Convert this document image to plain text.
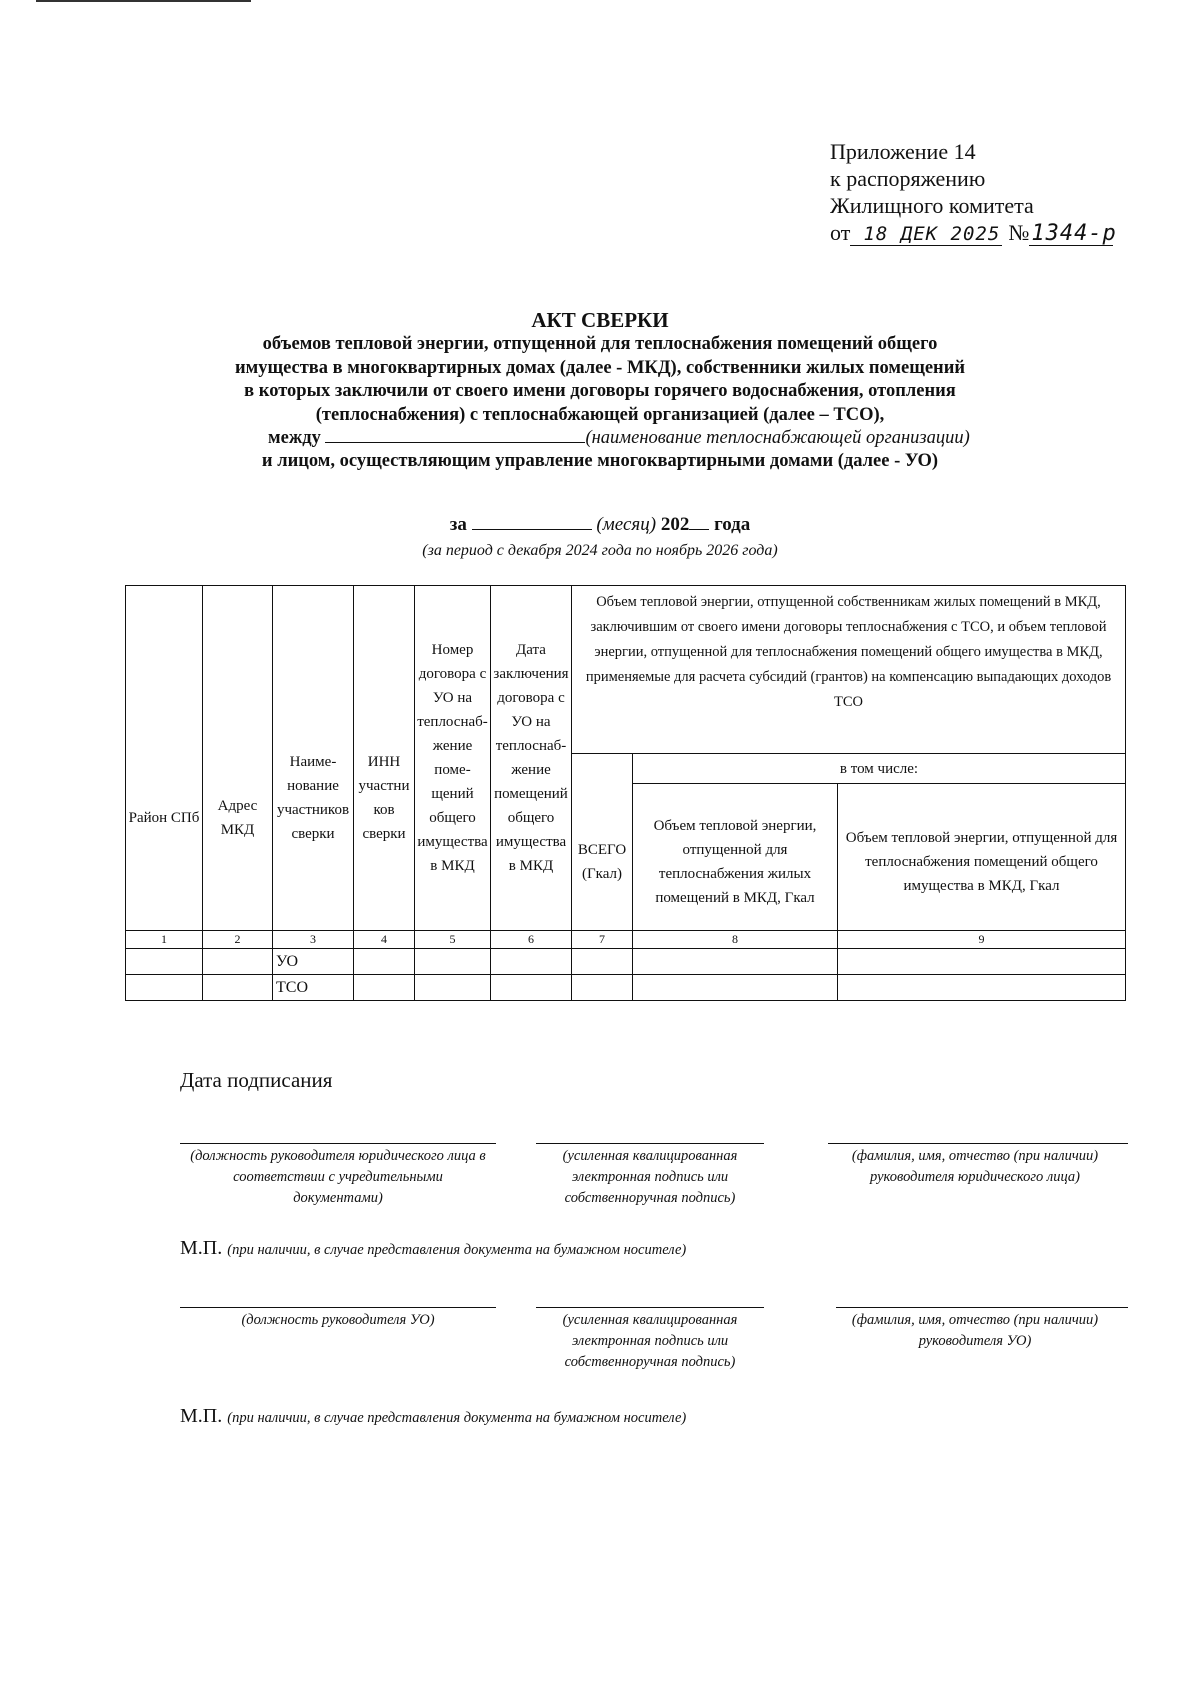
Приложение 14
к распоряжению
Жилищного комитета
от 18 ДЕК 2025 № 1344-р
АКТ СВЕРКИ
объемов тепловой энергии, отпущенной для теплоснабжения помещений общего
имущества в многоквартирных домах (далее - МКД), собственники жилых помещений
в которых заключили от своего имени договоры горячего водоснабжения, отопления
(теплоснабжения) с теплоснабжающей организацией (далее – ТСО),
между	(наименование теплоснабжающей организации)
и лицом, осуществляющим управление многоквартирными домами (далее - УО)
за	(месяц) 202 года
(за период с декабря 2024 года по ноябрь 2026 года)
Район СПб	Адрес МКД	Наиме-нование участников сверки	ИНН участни ков сверки	Номер договора с УО на теплоснаб-жение поме-щений общего имущества в МКД	Дата заключения договора с УО на теплоснаб-жение помещений общего имущества в МКД	Объем тепловой энергии, отпущенной собственникам жилых помещений в МКД, заключившим от своего имени договоры теплоснабжения с ТСО, и объем тепловой энергии, отпущенной для теплоснабжения помещений общего имущества в МКД, применяемые для расчета субсидий (грантов) на компенсацию выпадающих доходов ТСО		
						ВСЕГО (Гкал)	в том числе:	
							Объем тепловой энергии, отпущенной для теплоснабжения жилых помещений в МКД, Гкал	Объем тепловой энергии, отпущенной для теплоснабжения помещений общего имущества в МКД, Гкал
1	2	3	4	5	6	7	8	9
		УО						
		ТСО						
Дата подписания
(должность руководителя юридического лица в соответствии с учредительными документами)
(усиленная квалицированная электронная подпись или собственноручная подпись)
(фамилия, имя, отчество (при наличии) руководителя юридического лица)
М.П. (при наличии, в случае представления документа на бумажном носителе)
(должность руководителя УО)	(усиленная квалицированная электронная подпись или собственноручная подпись)
(фамилия, имя, отчество (при наличии) руководителя УО)
М.П. (при наличии, в случае представления документа на бумажном носителе)
